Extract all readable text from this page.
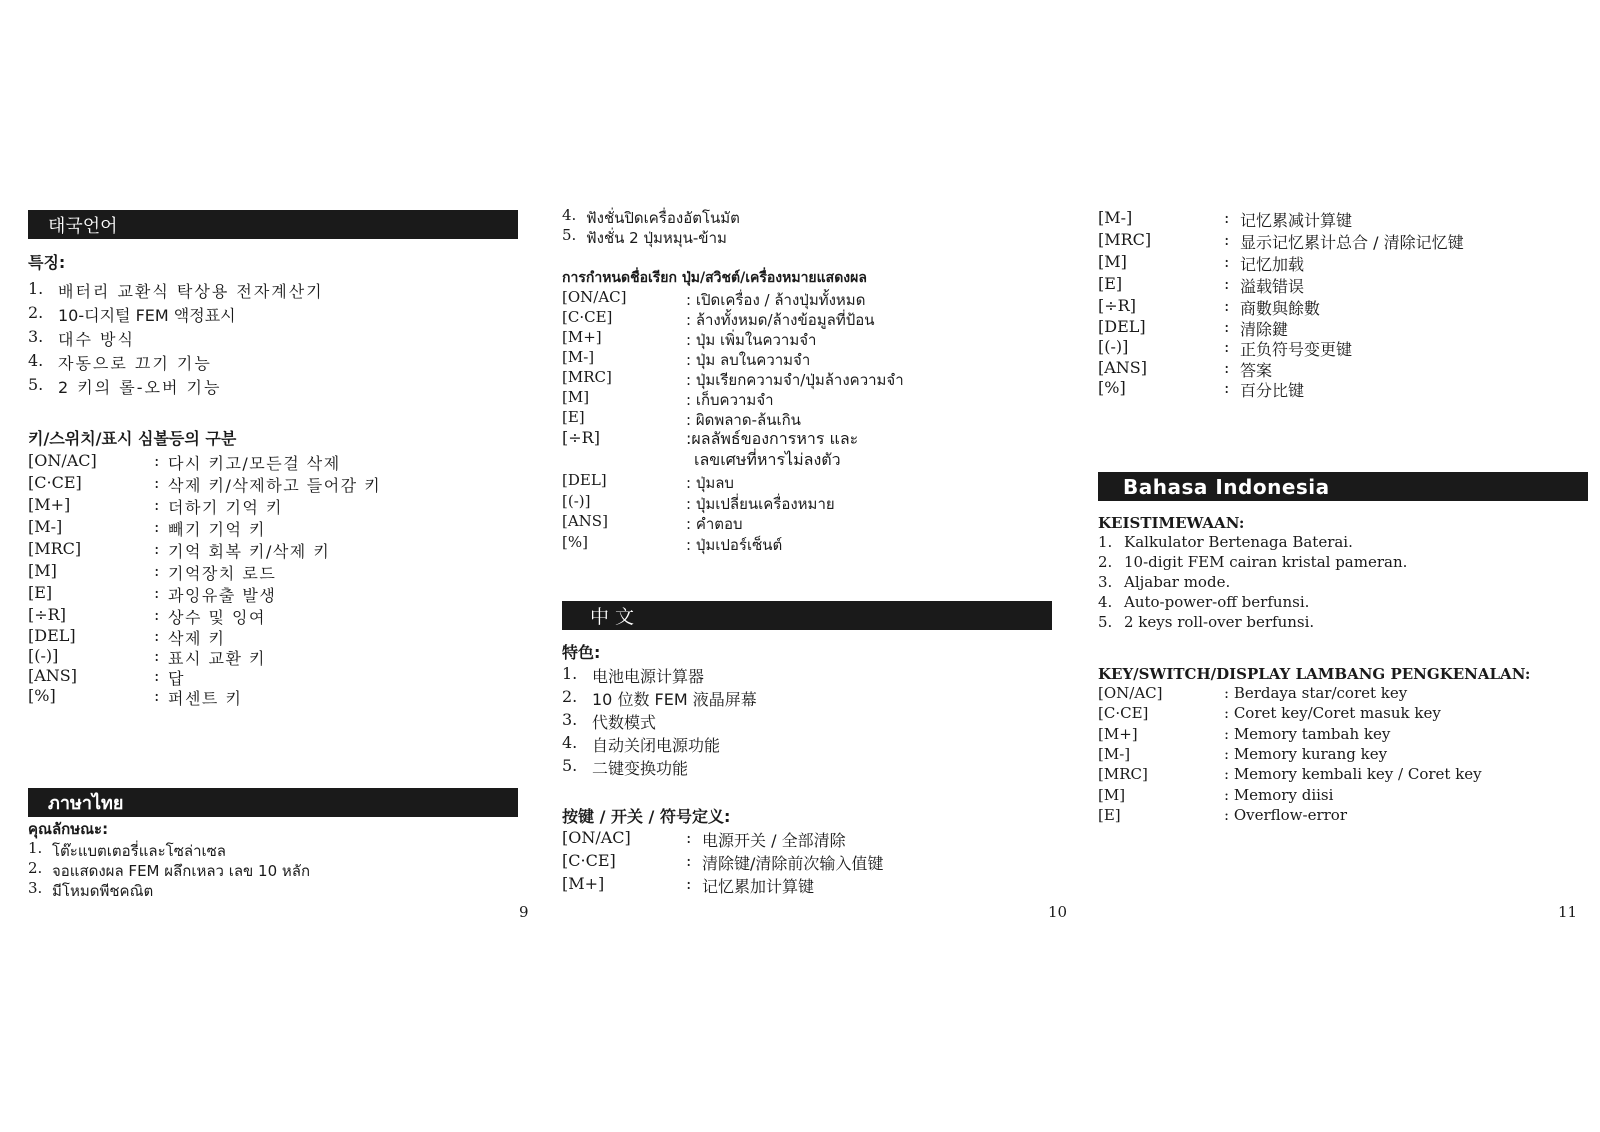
태국언어

특징:

1. 배터리 교환식 탁상용 전자계산기
2. 10-디지털 FEM 액정표시
3. 대수 방식
4. 자동으로 끄기 기능
5. 2 키의 롤-오버 기능

키/스위치/표시 심볼등의 구분

[ON/AC]	: 다시 키고/모든걸 삭제
[C·CE]	: 삭제 키/삭제하고 들어감 키
[M+]	: 더하기 기억 키
[M-]	: 빼기 기억 키
[MRC]	: 기억 회복 키/삭제 키
[M]	: 기억장치 로드
[E]	: 과잉유출 발생
[÷R]	: 상수 및 잉여
[DEL]	: 삭제 키
[(-)]	: 표시 교환 키
[ANS]	: 답
[%]	: 퍼센트 키
ภาษาไทย

คุณลักษณะ:

1. โต๊ะแบตเตอรี่และโซล่าเซล
2. จอแสดงผล FEM ผลึกเหลว เลข 10 หลัก
3. มีโหมดพีชคณิต
9
4. ฟังชั่นปิดเครื่องอัตโนมัต
5. ฟังชั่น 2 ปุ่มหมุน-ข้าม

การกำหนดชื่อเรียก ปุ่ม/สวิชต์/เครื่องหมายแสดงผล

[ON/AC]	: เปิดเครื่อง / ล้างปุ่มทั้งหมด
[C·CE]	: ล้างทั้งหมด/ล้างข้อมูลที่ป้อน
[M+]	: ปุ่ม เพิ่มในความจำ
[M-]	: ปุ่ม ลบในความจำ
[MRC]	: ปุ่มเรียกความจำ/ปุ่มล้างความจำ
[M]	: เก็บความจำ
[E]	: ผิดพลาด-ล้นเกิน
[÷R]	:ผลลัพธ์ของการหาร และ
เลขเศษที่หารไม่ลงตัว
[DEL]	: ปุ่มลบ
[(-)]	: ปุ่มเปลี่ยนเครื่องหมาย
[ANS]	: คำตอบ
[%]	: ปุ่มเปอร์เซ็นต์
中文

特色:

1. 电池电源计算器
2. 10 位数 FEM 液晶屏幕
3. 代数模式
4. 自动关闭电源功能
5. 二键变换功能

按键 / 开关 / 符号定义:

[ON/AC]	: 电源开关 / 全部清除
[C·CE]	: 清除键/清除前次输入值键
[M+]	: 记忆累加计算键
10
[M-]	: 记忆累减计算键
[MRC]	: 显示记忆累计总合 / 清除记忆键
[M]	: 记忆加载
[E]	: 溢载错误
[÷R]	: 商數與餘數
[DEL]	: 清除鍵
[(-)]	: 正负符号变更键
[ANS]	: 答案
[%]	: 百分比键
Bahasa Indonesia

KEISTIMEWAAN:

1. Kalkulator Bertenaga Baterai.
2. 10-digit FEM cairan kristal pameran.
3. Aljabar mode.
4. Auto-power-off berfunsi.
5. 2 keys roll-over berfunsi.

KEY/SWITCH/DISPLAY LAMBANG PENGKENALAN:

[ON/AC]	: Berdaya star/coret key
[C·CE]	: Coret key/Coret masuk key
[M+]	: Memory tambah key
[M-]	: Memory kurang key
[MRC]	: Memory kembali key / Coret key
[M]	: Memory diisi
[E]	: Overflow-error
11
